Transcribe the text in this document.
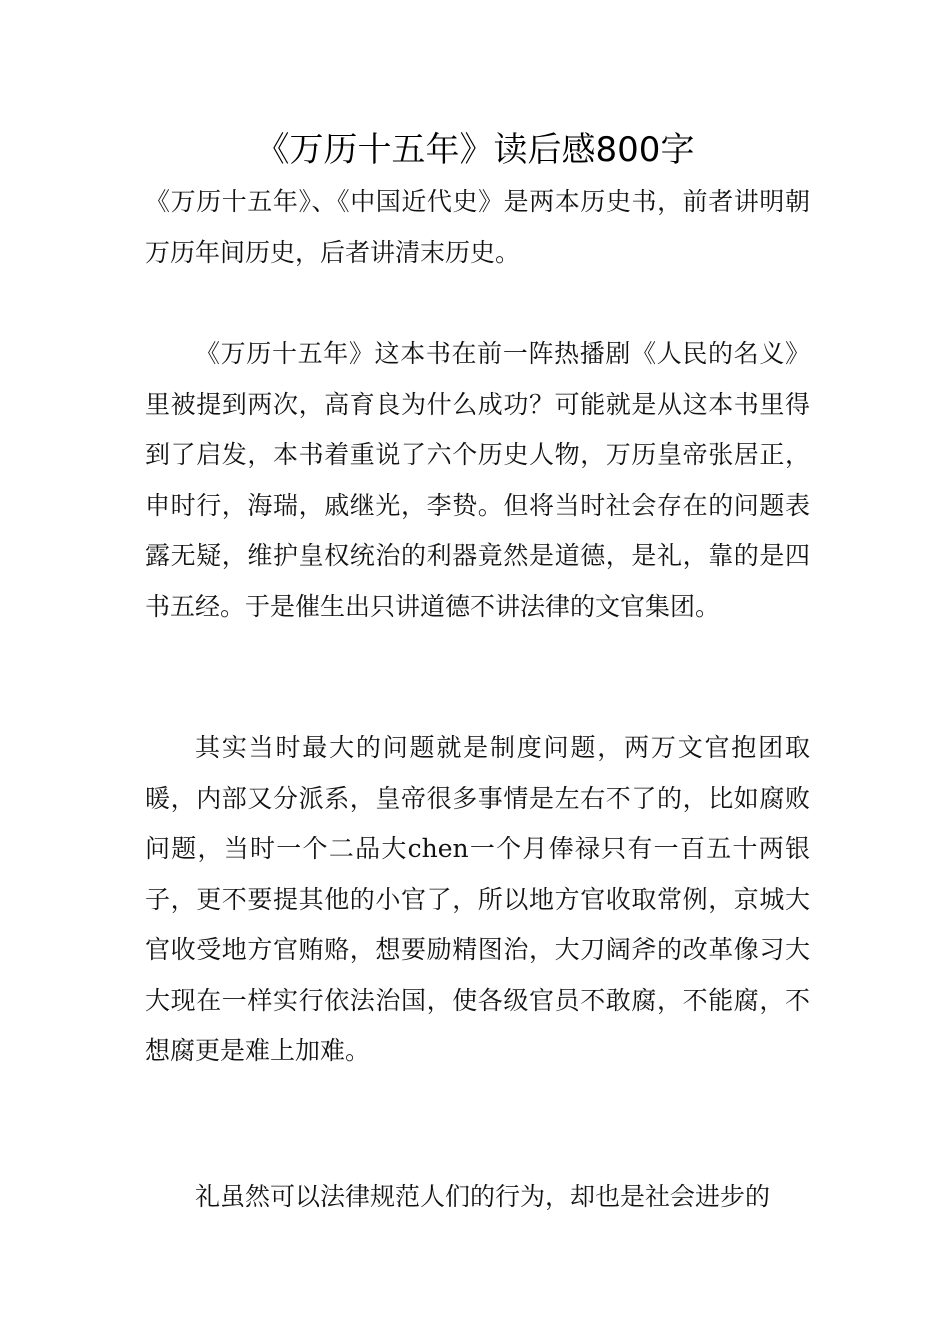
《万历十五年》读后感800字

《万历十五年》、《中国近代史》是两本历史书，前者讲明朝万历年间历史，后者讲清末历史。

《万历十五年》这本书在前一阵热播剧《人民的名义》里被提到两次，高育良为什么成功？可能就是从这本书里得到了启发，本书着重说了六个历史人物，万历皇帝张居正，申时行，海瑞，戚继光，李贽。但将当时社会存在的问题表露无疑，维护皇权统治的利器竟然是道德，是礼，靠的是四书五经。于是催生出只讲道德不讲法律的文官集团。

其实当时最大的问题就是制度问题，两万文官抱团取暖，内部又分派系，皇帝很多事情是左右不了的，比如腐败问题，当时一个二品大chen一个月俸禄只有一百五十两银子，更不要提其他的小官了，所以地方官收取常例，京城大官收受地方官贿赂，想要励精图治，大刀阔斧的改革像习大大现在一样实行依法治国，使各级官员不敢腐，不能腐，不想腐更是难上加难。

礼虽然可以法律规范人们的行为，却也是社会进步的
